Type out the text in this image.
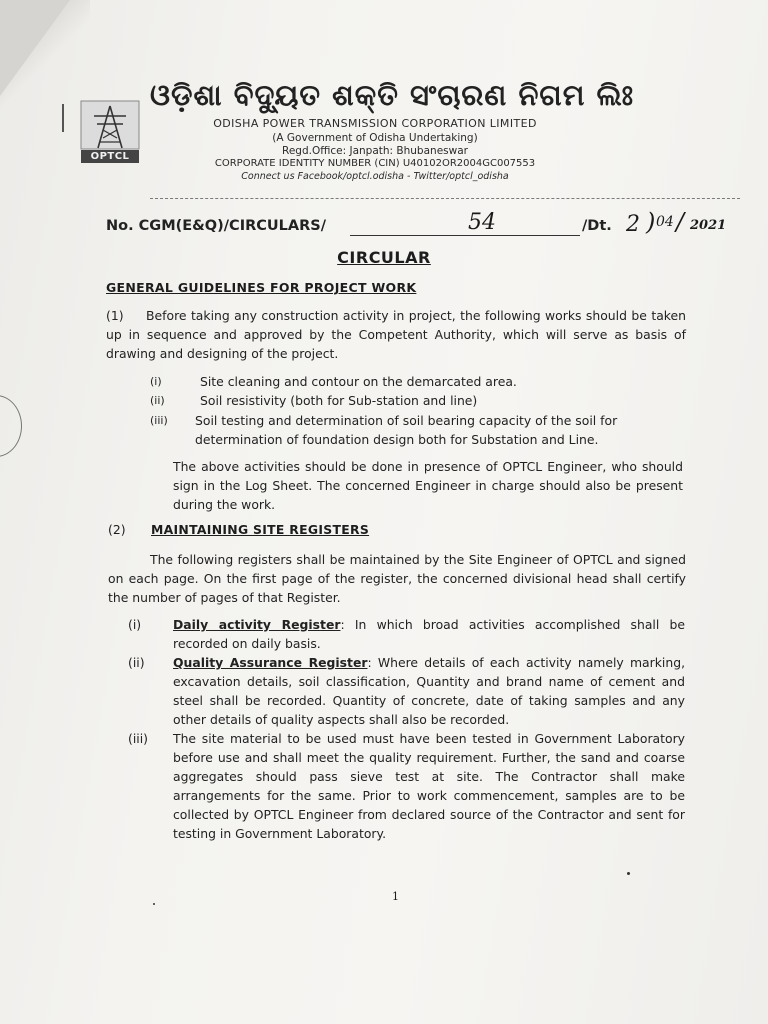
OPTCL
ଓଡ଼ିଶା ବିଦ୍ୟୁତ ଶକ୍ତି ସଂଚାରଣ ନିଗମ ଲିଃ
ODISHA POWER TRANSMISSION CORPORATION LIMITED
(A Government of Odisha Undertaking)
Regd.Office: Janpath: Bhubaneswar
CORPORATE IDENTITY NUMBER (CIN) U40102OR2004GC007553
Connect us Facebook/optcl.odisha - Twitter/optcl_odisha
No. CGM(E&Q)/CIRCULARS/	54	/Dt. 2 ) 04 / 2021
CIRCULAR
GENERAL GUIDELINES FOR PROJECT WORK
(1) Before taking any construction activity in project, the following works should be taken up in sequence and approved by the Competent Authority, which will serve as basis of drawing and designing of the project.
(i)	Site cleaning and contour on the demarcated area.
(ii)	Soil resistivity (both for Sub-station and line)
(iii) Soil testing and determination of soil bearing capacity of the soil for determination of foundation design both for Substation and Line.
The above activities should be done in presence of OPTCL Engineer, who should sign in the Log Sheet. The concerned Engineer in charge should also be present during the work.
(2) MAINTAINING SITE REGISTERS
The following registers shall be maintained by the Site Engineer of OPTCL and signed on each page. On the first page of the register, the concerned divisional head shall certify the number of pages of that Register.
(i)	Daily activity Register: In which broad activities accomplished shall be recorded on daily basis.
(ii) Quality Assurance Register: Where details of each activity namely marking, excavation details, soil classification, Quantity and brand name of cement and steel shall be recorded. Quantity of concrete, date of taking samples and any other details of quality aspects shall also be recorded.
(iii) The site material to be used must have been tested in Government Laboratory before use and shall meet the quality requirement. Further, the sand and coarse aggregates should pass sieve test at site. The Contractor shall make arrangements for the same. Prior to work commencement, samples are to be collected by OPTCL Engineer from declared source of the Contractor and sent for testing in Government Laboratory.
1
